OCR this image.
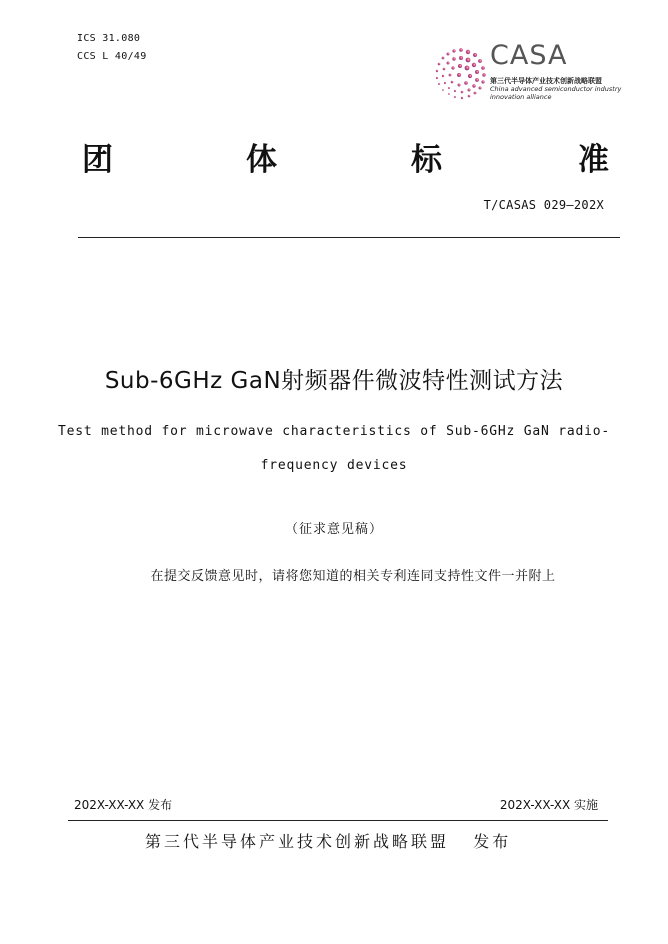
ICS 31.080
CCS L 40/49	CASA
第三代半导体产业技术创新战略联盟
China advanced semiconductor industry
innovation alliance
团	体	标	准
T/CASAS 029—202X
Sub-6GHz GaN射频器件微波特性测试方法
Test method for microwave characteristics of Sub-6GHz GaN radio-
frequency devices
（征求意见稿）
在提交反馈意见时，请将您知道的相关专利连同支持性文件一并附上
202X-XX-XX 发布	202X-XX-XX 实施
第三代半导体产业技术创新战略联盟   发布
